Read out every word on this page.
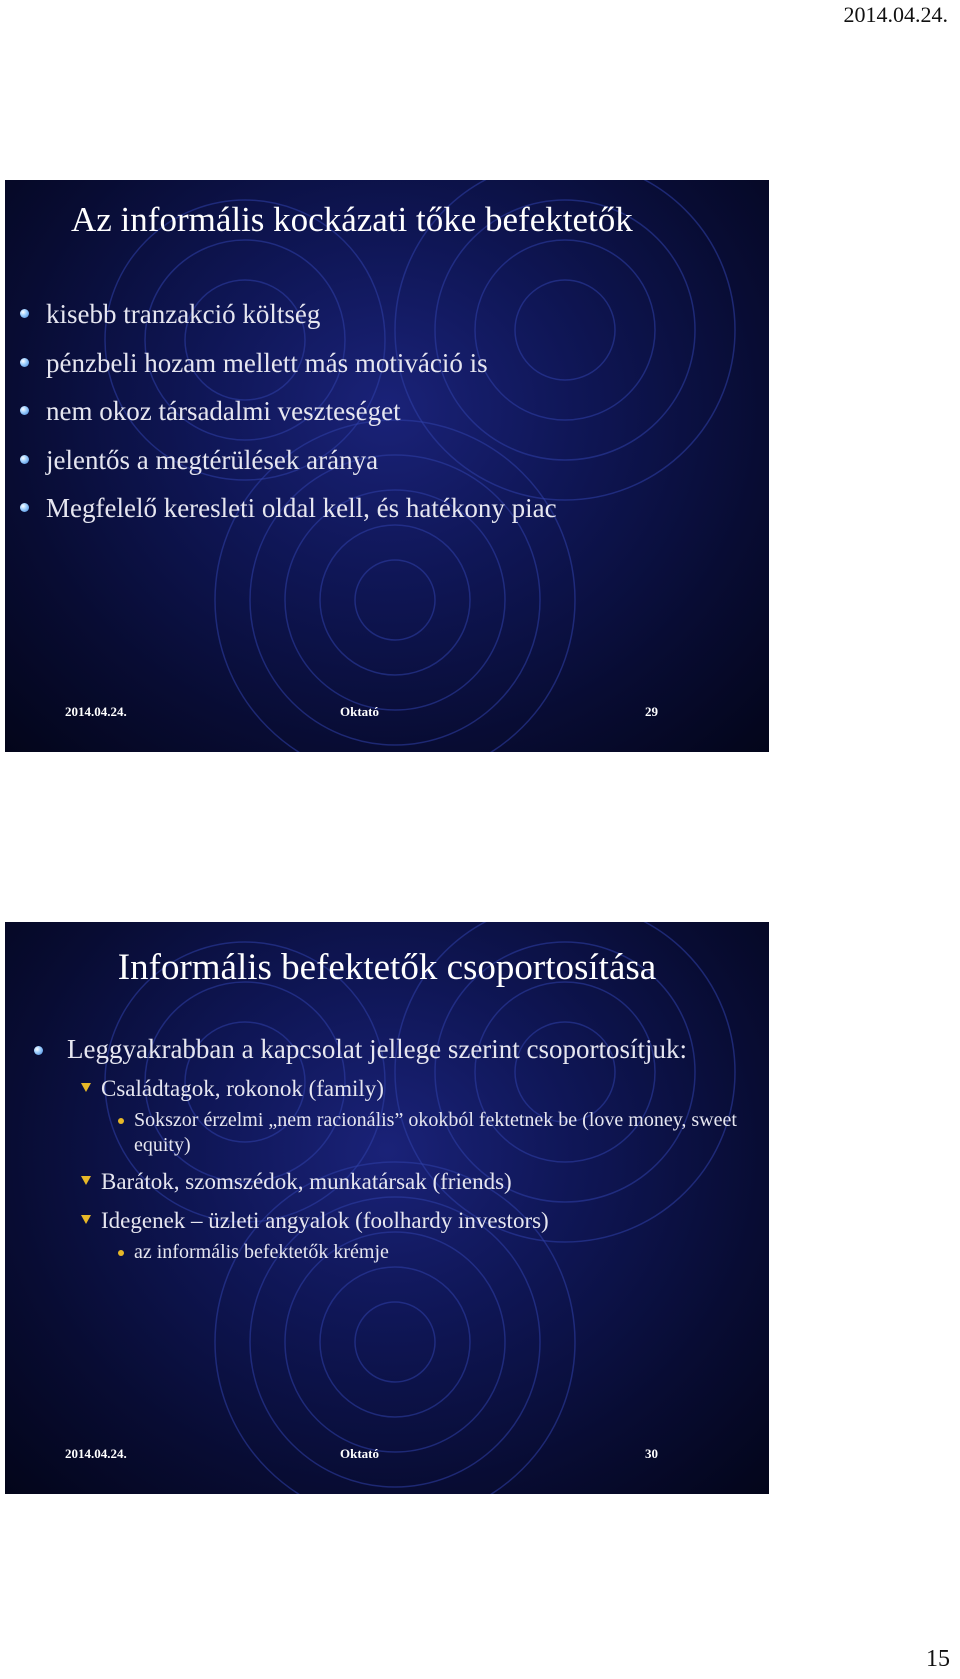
2014.04.24.
Az informális kockázati tőke befektetők
kisebb tranzakció költség
pénzbeli hozam mellett más motiváció is
nem okoz társadalmi veszteséget
jelentős a megtérülések aránya
Megfelelő keresleti oldal kell, és hatékony piac
2014.04.24.	Oktató	29
Informális befektetők csoportosítása
Leggyakrabban a kapcsolat jellege szerint csoportosítjuk:
Családtagok, rokonok (family)
Sokszor érzelmi „nem racionális” okokból fektetnek be (love money, sweet equity)
Barátok, szomszédok, munkatársak (friends)
Idegenek – üzleti angyalok (foolhardy investors)
az informális befektetők krémje
2014.04.24.	Oktató	30
15
